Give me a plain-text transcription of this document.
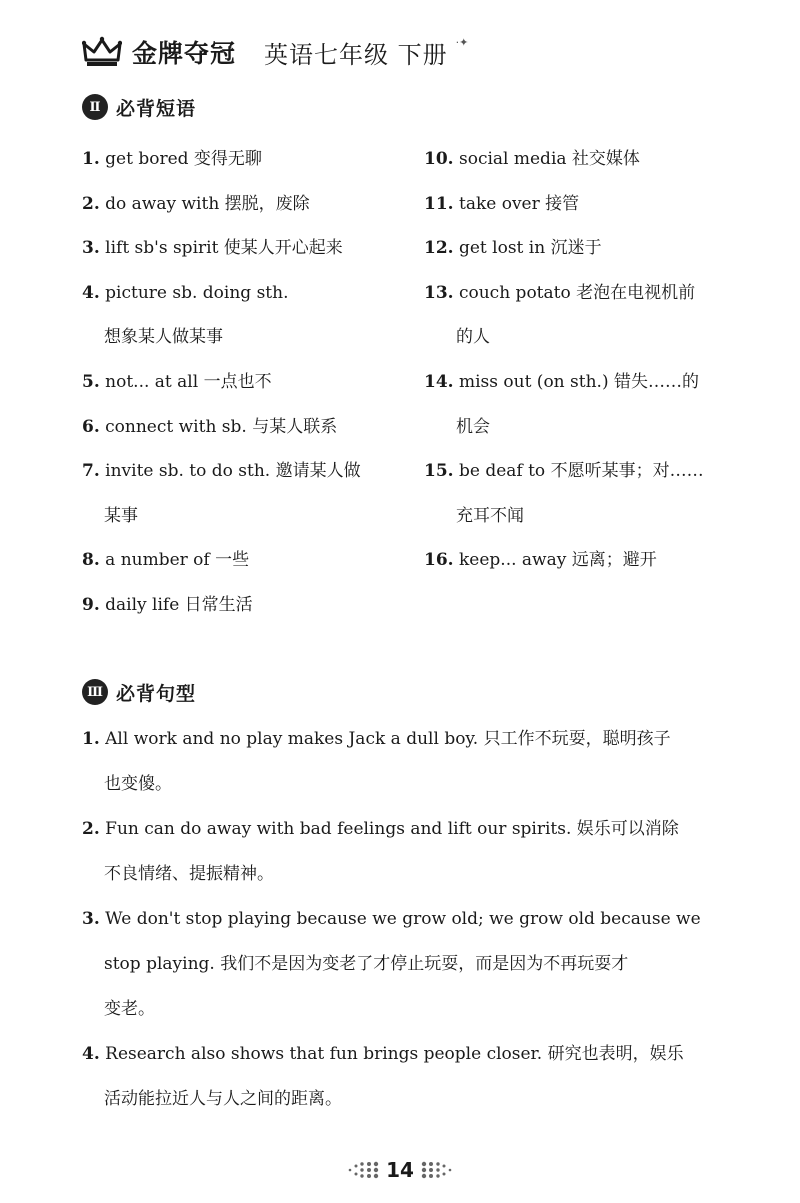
金牌夺冠 英语七年级 下册 ·✦
Ⅱ 必背短语

1. get bored 变得无聊

2. do away with 摆脱，废除

3. lift sb's spirit 使某人开心起来

4. picture sb. doing sth.

想象某人做某事

5. not... at all 一点也不

6. connect with sb. 与某人联系

7. invite sb. to do sth. 邀请某人做

某事

8. a number of 一些

9. daily life 日常生活

10. social media 社交媒体

11. take over 接管

12. get lost in 沉迷于

13. couch potato 老泡在电视机前

的人

14. miss out (on sth.) 错失……的

机会

15. be deaf to 不愿听某事；对……

充耳不闻

16. keep... away 远离；避开

Ⅲ 必背句型

1. All work and no play makes Jack a dull boy. 只工作不玩耍，聪明孩子

也变傻。

2. Fun can do away with bad feelings and lift our spirits. 娱乐可以消除

不良情绪、提振精神。

3. We don't stop playing because we grow old; we grow old because we

stop playing. 我们不是因为变老了才停止玩耍，而是因为不再玩耍才

变老。

4. Research also shows that fun brings people closer. 研究也表明，娱乐

活动能拉近人与人之间的距离。

14
